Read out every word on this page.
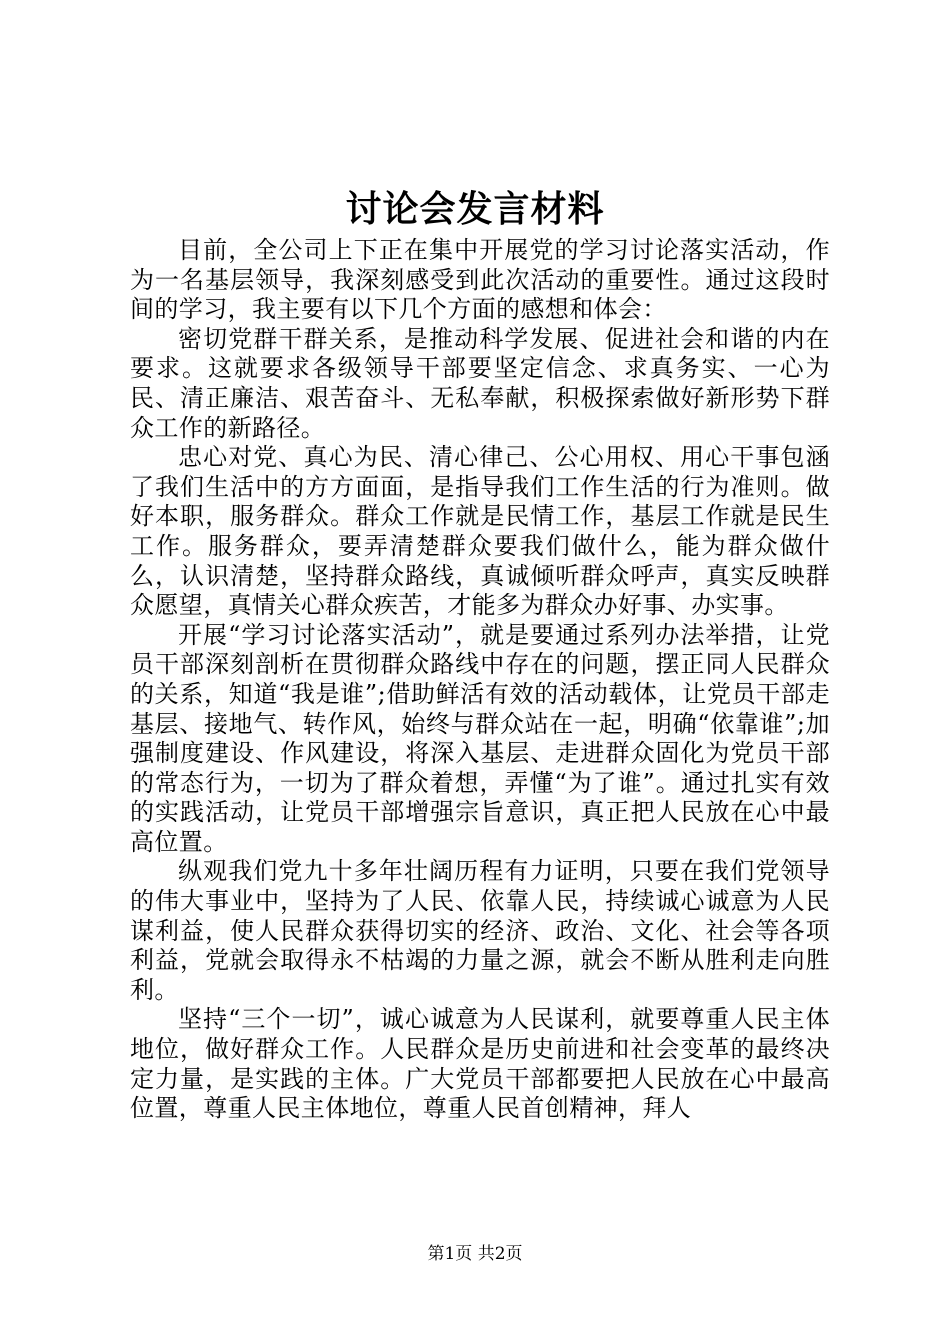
讨论会发言材料

目前，全公司上下正在集中开展党的学习讨论落实活动，作为一名基层领导，我深刻感受到此次活动的重要性。通过这段时间的学习，我主要有以下几个方面的感想和体会：

密切党群干群关系，是推动科学发展、促进社会和谐的内在要求。这就要求各级领导干部要坚定信念、求真务实、一心为民、清正廉洁、艰苦奋斗、无私奉献，积极探索做好新形势下群众工作的新路径。

忠心对党、真心为民、清心律己、公心用权、用心干事包涵了我们生活中的方方面面，是指导我们工作生活的行为准则。做好本职，服务群众。群众工作就是民情工作，基层工作就是民生工作。服务群众，要弄清楚群众要我们做什么，能为群众做什么，认识清楚，坚持群众路线，真诚倾听群众呼声，真实反映群众愿望，真情关心群众疾苦，才能多为群众办好事、办实事。

开展“学习讨论落实活动”，就是要通过系列办法举措，让党员干部深刻剖析在贯彻群众路线中存在的问题，摆正同人民群众的关系，知道“我是谁”;借助鲜活有效的活动载体，让党员干部走基层、接地气、转作风，始终与群众站在一起，明确“依靠谁”;加强制度建设、作风建设，将深入基层、走进群众固化为党员干部的常态行为，一切为了群众着想，弄懂“为了谁”。通过扎实有效的实践活动，让党员干部增强宗旨意识，真正把人民放在心中最高位置。

纵观我们党九十多年壮阔历程有力证明，只要在我们党领导的伟大事业中，坚持为了人民、依靠人民，持续诚心诚意为人民谋利益，使人民群众获得切实的经济、政治、文化、社会等各项利益，党就会取得永不枯竭的力量之源，就会不断从胜利走向胜利。

坚持“三个一切”，诚心诚意为人民谋利，就要尊重人民主体地位，做好群众工作。人民群众是历史前进和社会变革的最终决定力量，是实践的主体。广大党员干部都要把人民放在心中最高位置，尊重人民主体地位，尊重人民首创精神，拜人

第1页 共2页
